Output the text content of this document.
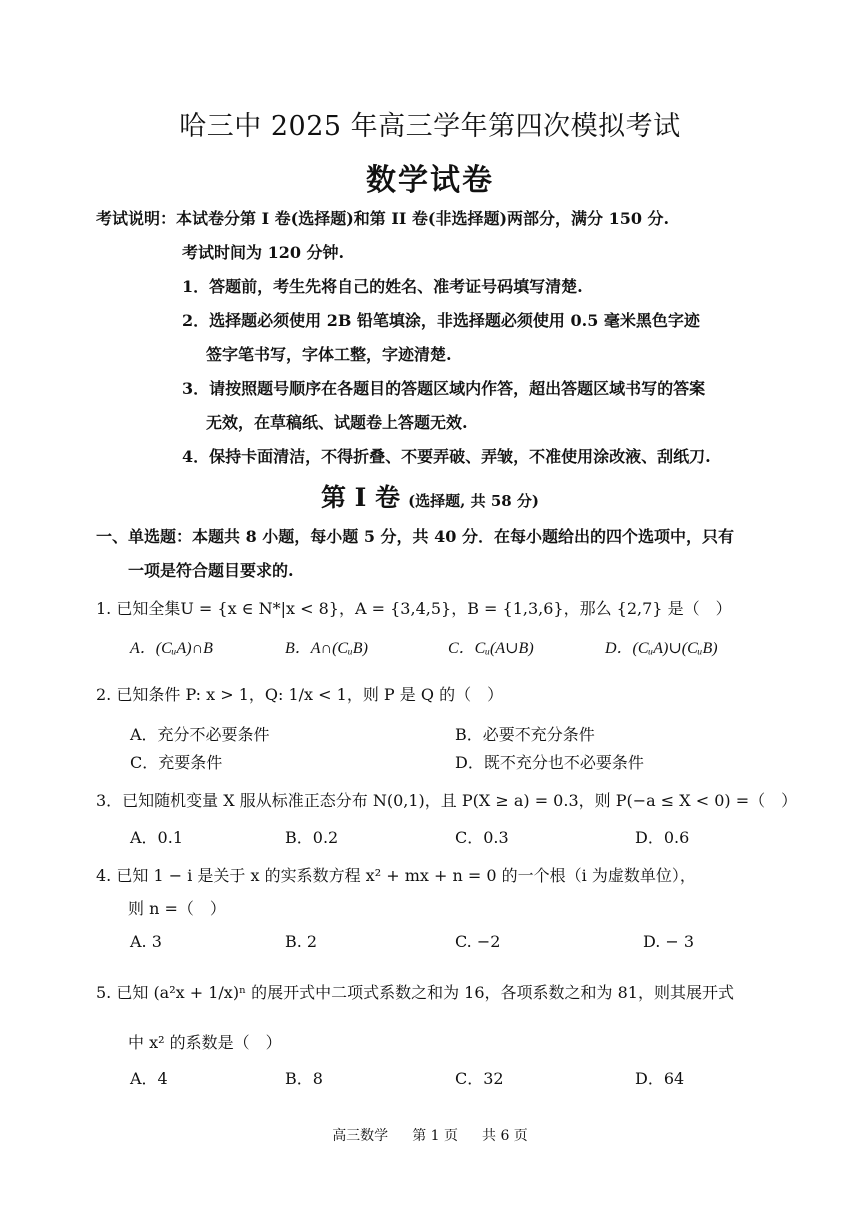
哈三中 2025 年高三学年第四次模拟考试
数学试卷
考试说明：本试卷分第 I 卷(选择题)和第 II 卷(非选择题)两部分，满分 150 分.
考试时间为 120 分钟.
1．答题前，考生先将自己的姓名、准考证号码填写清楚.
2．选择题必须使用 2B 铅笔填涂，非选择题必须使用 0.5 毫米黑色字迹
签字笔书写，字体工整，字迹清楚.
3．请按照题号顺序在各题目的答题区域内作答，超出答题区域书写的答案
无效，在草稿纸、试题卷上答题无效.
4．保持卡面清洁，不得折叠、不要弄破、弄皱，不准使用涂改液、刮纸刀.
第 I 卷 (选择题, 共 58 分)
一、单选题：本题共 8 小题，每小题 5 分，共 40 分．在每小题给出的四个选项中，只有
一项是符合题目要求的.
1. 已知全集U = {x ∈ N*|x < 8}，A = {3,4,5}，B = {1,3,6}，那么 {2,7} 是（　）
A．(CᵤA)∩B	B．A∩(CᵤB)	C．Cᵤ(A∪B)	D．(CᵤA)∪(CᵤB)
2. 已知条件 P: x > 1，Q: 1/x < 1，则 P 是 Q 的（　）
A．充分不必要条件	B．必要不充分条件
C．充要条件	D．既不充分也不必要条件
3．已知随机变量 X 服从标准正态分布 N(0,1)，且 P(X ≥ a) = 0.3，则 P(−a ≤ X < 0) =（　）
A．0.1	B．0.2	C．0.3	D．0.6
4. 已知 1 − i 是关于 x 的实系数方程 x² + mx + n = 0 的一个根（i 为虚数单位），
则 n =（　）
A. 3	B. 2	C. −2	D. − 3
5. 已知 (a²x + 1/x)ⁿ 的展开式中二项式系数之和为 16，各项系数之和为 81，则其展开式
中 x² 的系数是（　）
A．4	B．8	C．32	D．64
高三数学 第 1 页 共 6 页
